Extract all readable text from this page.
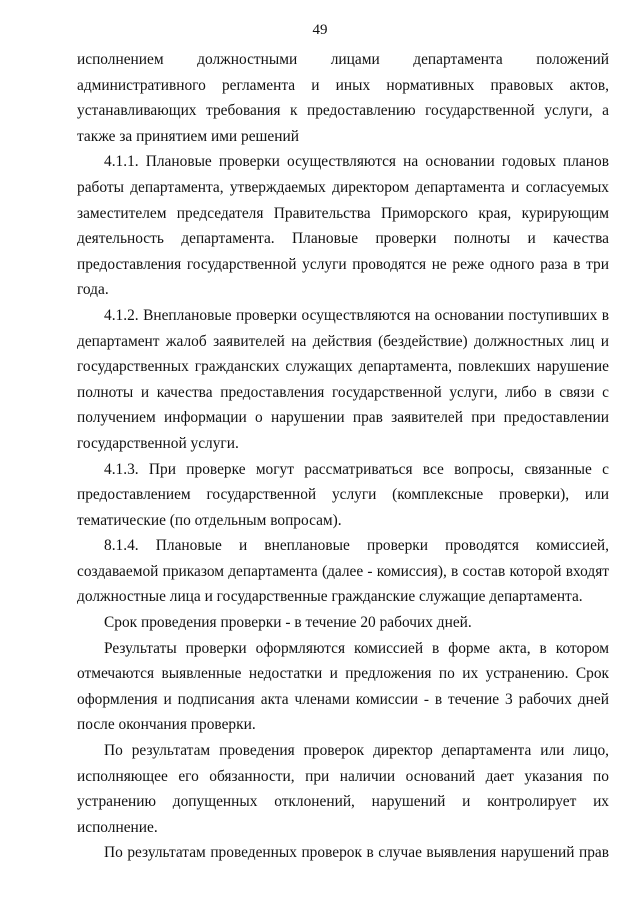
49

исполнением должностными лицами департамента положений административного регламента и иных нормативных правовых актов, устанавливающих требования к предоставлению государственной услуги, а также за принятием ими решений

4.1.1. Плановые проверки осуществляются на основании годовых планов работы департамента, утверждаемых директором департамента и согласуемых заместителем председателя Правительства Приморского края, курирующим деятельность департамента. Плановые проверки полноты и качества предоставления государственной услуги проводятся не реже одного раза в три года.

4.1.2. Внеплановые проверки осуществляются на основании поступивших в департамент жалоб заявителей на действия (бездействие) должностных лиц и государственных гражданских служащих департамента, повлекших нарушение полноты и качества предоставления государственной услуги, либо в связи с получением информации о нарушении прав заявителей при предоставлении государственной услуги.

4.1.3. При проверке могут рассматриваться все вопросы, связанные с предоставлением государственной услуги (комплексные проверки), или тематические (по отдельным вопросам).

8.1.4. Плановые и внеплановые проверки проводятся комиссией, создаваемой приказом департамента (далее - комиссия), в состав которой входят должностные лица и государственные гражданские служащие департамента.

Срок проведения проверки - в течение 20 рабочих дней.

Результаты проверки оформляются комиссией в форме акта, в котором отмечаются выявленные недостатки и предложения по их устранению. Срок оформления и подписания акта членами комиссии - в течение 3 рабочих дней после окончания проверки.

По результатам проведения проверок директор департамента или лицо, исполняющее его обязанности, при наличии оснований дает указания по устранению допущенных отклонений, нарушений и контролирует их исполнение.

По результатам проведенных проверок в случае выявления нарушений прав
